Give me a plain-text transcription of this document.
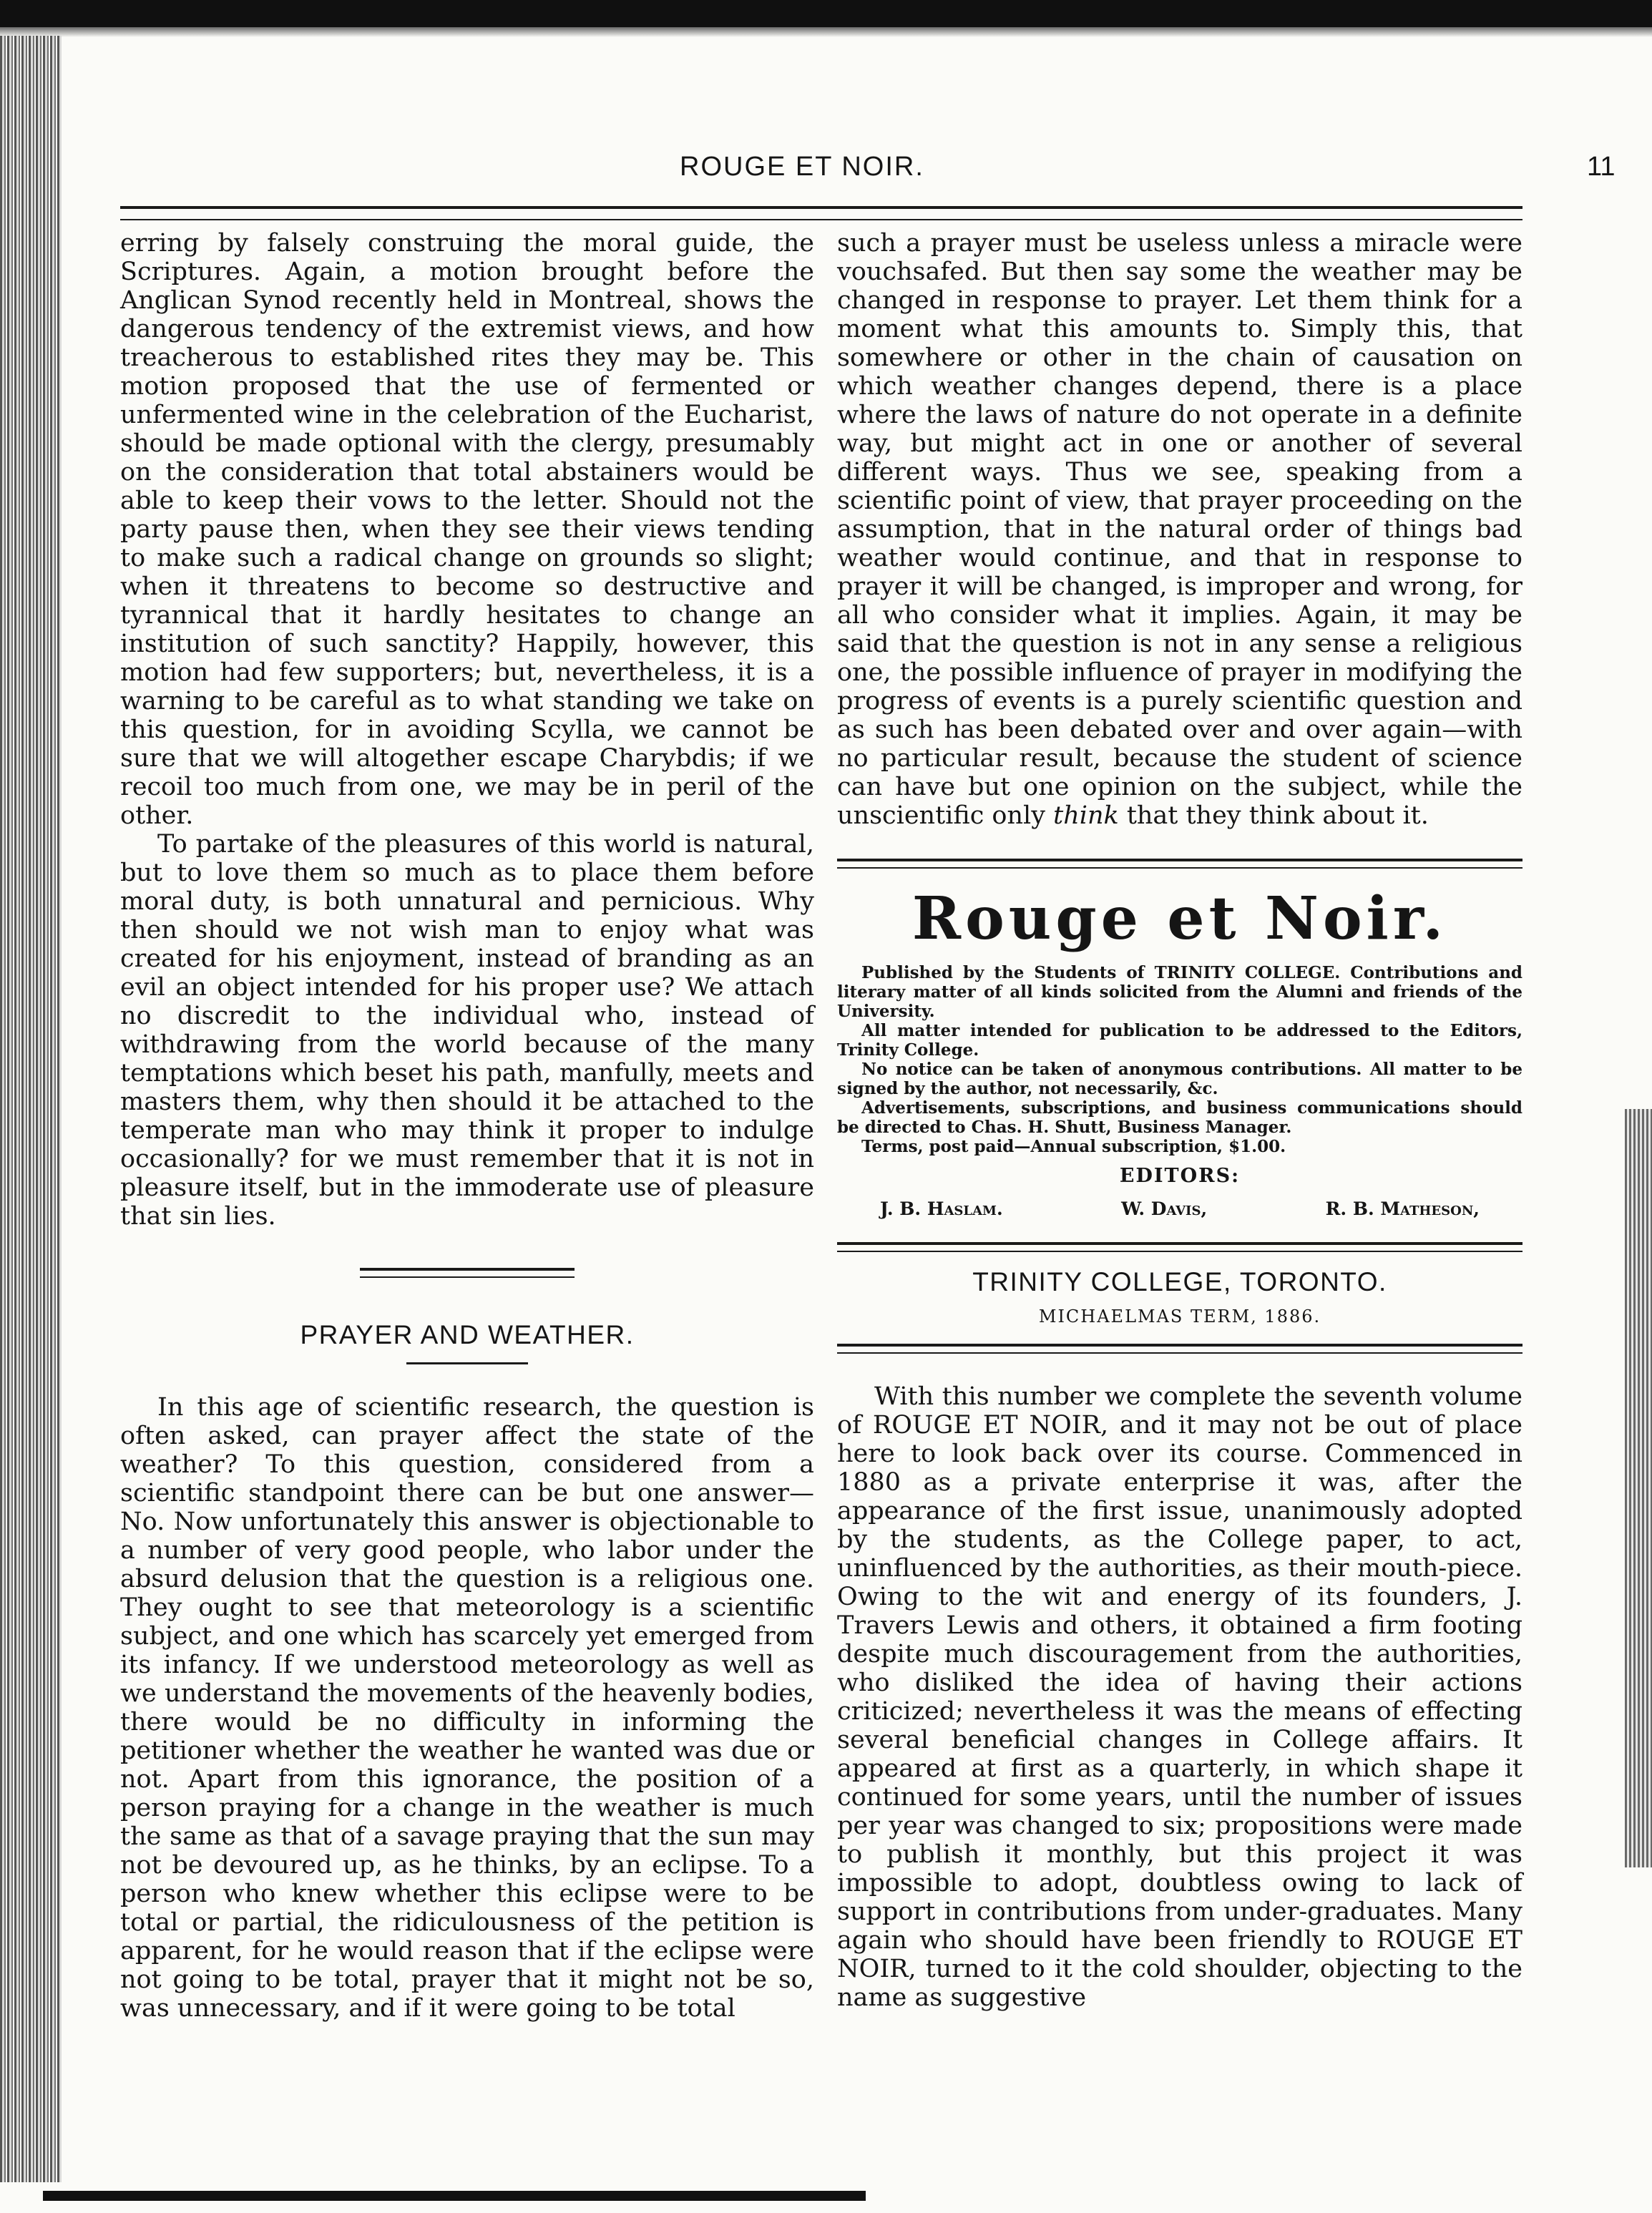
ROUGE ET NOIR.	11

erring by falsely construing the moral guide, the Scriptures. Again, a motion brought before the Anglican Synod recently held in Montreal, shows the dangerous tendency of the extremist views, and how treacherous to established rites they may be. This motion proposed that the use of fermented or unfermented wine in the celebration of the Eucharist, should be made optional with the clergy, presumably on the consideration that total abstainers would be able to keep their vows to the letter. Should not the party pause then, when they see their views tending to make such a radical change on grounds so slight; when it threatens to become so destructive and tyrannical that it hardly hesitates to change an institution of such sanctity? Happily, however, this motion had few supporters; but, nevertheless, it is a warning to be careful as to what standing we take on this question, for in avoiding Scylla, we cannot be sure that we will altogether escape Charybdis; if we recoil too much from one, we may be in peril of the other.

To partake of the pleasures of this world is natural, but to love them so much as to place them before moral duty, is both unnatural and pernicious. Why then should we not wish man to enjoy what was created for his enjoyment, instead of branding as an evil an object intended for his proper use? We attach no discredit to the individual who, instead of withdrawing from the world because of the many temptations which beset his path, manfully, meets and masters them, why then should it be attached to the temperate man who may think it proper to indulge occasionally? for we must remember that it is not in pleasure itself, but in the immoderate use of pleasure that sin lies.

PRAYER AND WEATHER.

In this age of scientific research, the question is often asked, can prayer affect the state of the weather? To this question, considered from a scientific standpoint there can be but one answer—No. Now unfortunately this answer is objectionable to a number of very good people, who labor under the absurd delusion that the question is a religious one. They ought to see that meteorology is a scientific subject, and one which has scarcely yet emerged from its infancy. If we understood meteorology as well as we understand the movements of the heavenly bodies, there would be no difficulty in informing the petitioner whether the weather he wanted was due or not. Apart from this ignorance, the position of a person praying for a change in the weather is much the same as that of a savage praying that the sun may not be devoured up, as he thinks, by an eclipse. To a person who knew whether this eclipse were to be total or partial, the ridiculousness of the petition is apparent, for he would reason that if the eclipse were not going to be total, prayer that it might not be so, was unnecessary, and if it were going to be total

such a prayer must be useless unless a miracle were vouchsafed. But then say some the weather may be changed in response to prayer. Let them think for a moment what this amounts to. Simply this, that somewhere or other in the chain of causation on which weather changes depend, there is a place where the laws of nature do not operate in a definite way, but might act in one or another of several different ways. Thus we see, speaking from a scientific point of view, that prayer proceeding on the assumption, that in the natural order of things bad weather would continue, and that in response to prayer it will be changed, is improper and wrong, for all who consider what it implies. Again, it may be said that the question is not in any sense a religious one, the possible influence of prayer in modifying the progress of events is a purely scientific question and as such has been debated over and over again—with no particular result, because the student of science can have but one opinion on the subject, while the unscientific only think that they think about it.

Rouge et Noir.

Published by the Students of TRINITY COLLEGE. Contributions and literary matter of all kinds solicited from the Alumni and friends of the University.

All matter intended for publication to be addressed to the Editors, Trinity College.

No notice can be taken of anonymous contributions. All matter to be signed by the author, not necessarily, &c.

Advertisements, subscriptions, and business communications should be directed to Chas. H. Shutt, Business Manager.

Terms, post paid—Annual subscription, $1.00.

EDITORS:
J. B. Haslam.	W. Davis,	R. B. Matheson,
TRINITY COLLEGE, TORONTO.
MICHAELMAS TERM, 1886.

With this number we complete the seventh volume of ROUGE ET NOIR, and it may not be out of place here to look back over its course. Commenced in 1880 as a private enterprise it was, after the appearance of the first issue, unanimously adopted by the students, as the College paper, to act, uninfluenced by the authorities, as their mouth-piece. Owing to the wit and energy of its founders, J. Travers Lewis and others, it obtained a firm footing despite much discouragement from the authorities, who disliked the idea of having their actions criticized; nevertheless it was the means of effecting several beneficial changes in College affairs. It appeared at first as a quarterly, in which shape it continued for some years, until the number of issues per year was changed to six; propositions were made to publish it monthly, but this project it was impossible to adopt, doubtless owing to lack of support in contributions from under-graduates. Many again who should have been friendly to ROUGE ET NOIR, turned to it the cold shoulder, objecting to the name as suggestive
